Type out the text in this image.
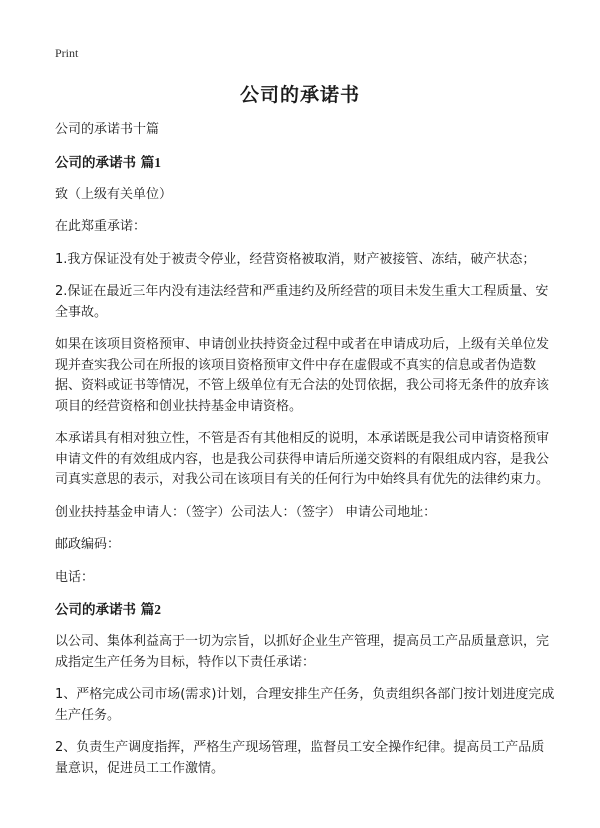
Print
公司的承诺书

公司的承诺书十篇

公司的承诺书 篇1

致（上级有关单位）

在此郑重承诺：

1.我方保证没有处于被责令停业，经营资格被取消，财产被接管、冻结，破产状态；

2.保证在最近三年内没有违法经营和严重违约及所经营的项目未发生重大工程质量、安全事故。

如果在该项目资格预审、申请创业扶持资金过程中或者在申请成功后，上级有关单位发现并查实我公司在所报的该项目资格预审文件中存在虚假或不真实的信息或者伪造数据、资料或证书等情况，不管上级单位有无合法的处罚依据，我公司将无条件的放弃该项目的经营资格和创业扶持基金申请资格。

本承诺具有相对独立性，不管是否有其他相反的说明，本承诺既是我公司申请资格预审申请文件的有效组成内容，也是我公司获得申请后所递交资料的有限组成内容，是我公司真实意思的表示，对我公司在该项目有关的任何行为中始终具有优先的法律约束力。

创业扶持基金申请人：（签字）公司法人：（签字） 申请公司地址：

邮政编码：

电话：

公司的承诺书 篇2

以公司、集体利益高于一切为宗旨，以抓好企业生产管理，提高员工产品质量意识，完成指定生产任务为目标，特作以下责任承诺：

1、严格完成公司市场(需求)计划，合理安排生产任务，负责组织各部门按计划进度完成生产任务。

2、负责生产调度指挥，严格生产现场管理，监督员工安全操作纪律。提高员工产品质量意识，促进员工工作激情。
